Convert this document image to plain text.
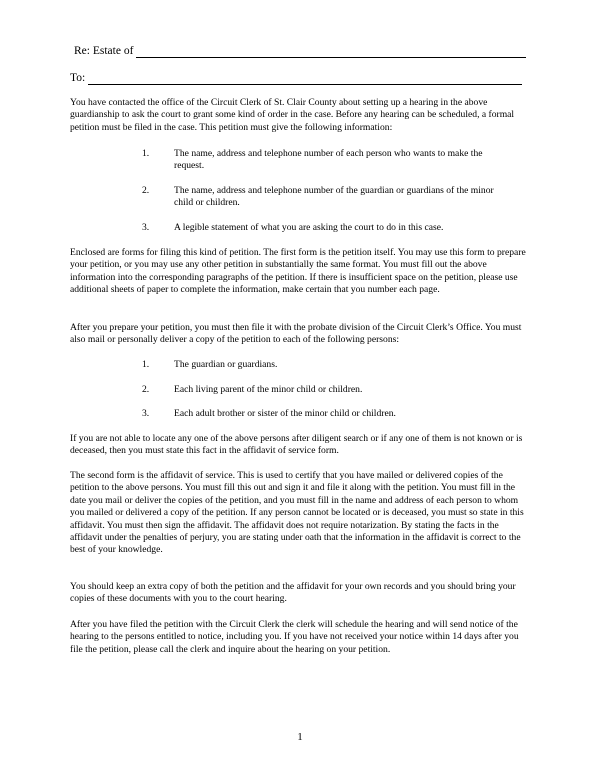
Re: Estate of
To:

You have contacted the office of the Circuit Clerk of St. Clair County about setting up a hearing in the above guardianship to ask the court to grant some kind of order in the case. Before any hearing can be scheduled, a formal petition must be filed in the case. This petition must give the following information:

1.	The name, address and telephone number of each person who wants to make the request.
2.	The name, address and telephone number of the guardian or guardians of the minor child or children.
3.	A legible statement of what you are asking the court to do in this case.

Enclosed are forms for filing this kind of petition. The first form is the petition itself. You may use this form to prepare your petition, or you may use any other petition in substantially the same format. You must fill out the above information into the corresponding paragraphs of the petition. If there is insufficient space on the petition, please use additional sheets of paper to complete the information, make certain that you number each page.

After you prepare your petition, you must then file it with the probate division of the Circuit Clerk’s Office. You must also mail or personally deliver a copy of the petition to each of the following persons:

1.	The guardian or guardians.
2.	Each living parent of the minor child or children.
3.	Each adult brother or sister of the minor child or children.

If you are not able to locate any one of the above persons after diligent search or if any one of them is not known or is deceased, then you must state this fact in the affidavit of service form.

The second form is the affidavit of service. This is used to certify that you have mailed or delivered copies of the petition to the above persons. You must fill this out and sign it and file it along with the petition. You must fill in the date you mail or deliver the copies of the petition, and you must fill in the name and address of each person to whom you mailed or delivered a copy of the petition. If any person cannot be located or is deceased, you must so state in this affidavit. You must then sign the affidavit. The affidavit does not require notarization. By stating the facts in the affidavit under the penalties of perjury, you are stating under oath that the information in the affidavit is correct to the best of your knowledge.

You should keep an extra copy of both the petition and the affidavit for your own records and you should bring your copies of these documents with you to the court hearing.

After you have filed the petition with the Circuit Clerk the clerk will schedule the hearing and will send notice of the hearing to the persons entitled to notice, including you. If you have not received your notice within 14 days after you file the petition, please call the clerk and inquire about the hearing on your petition.

1
